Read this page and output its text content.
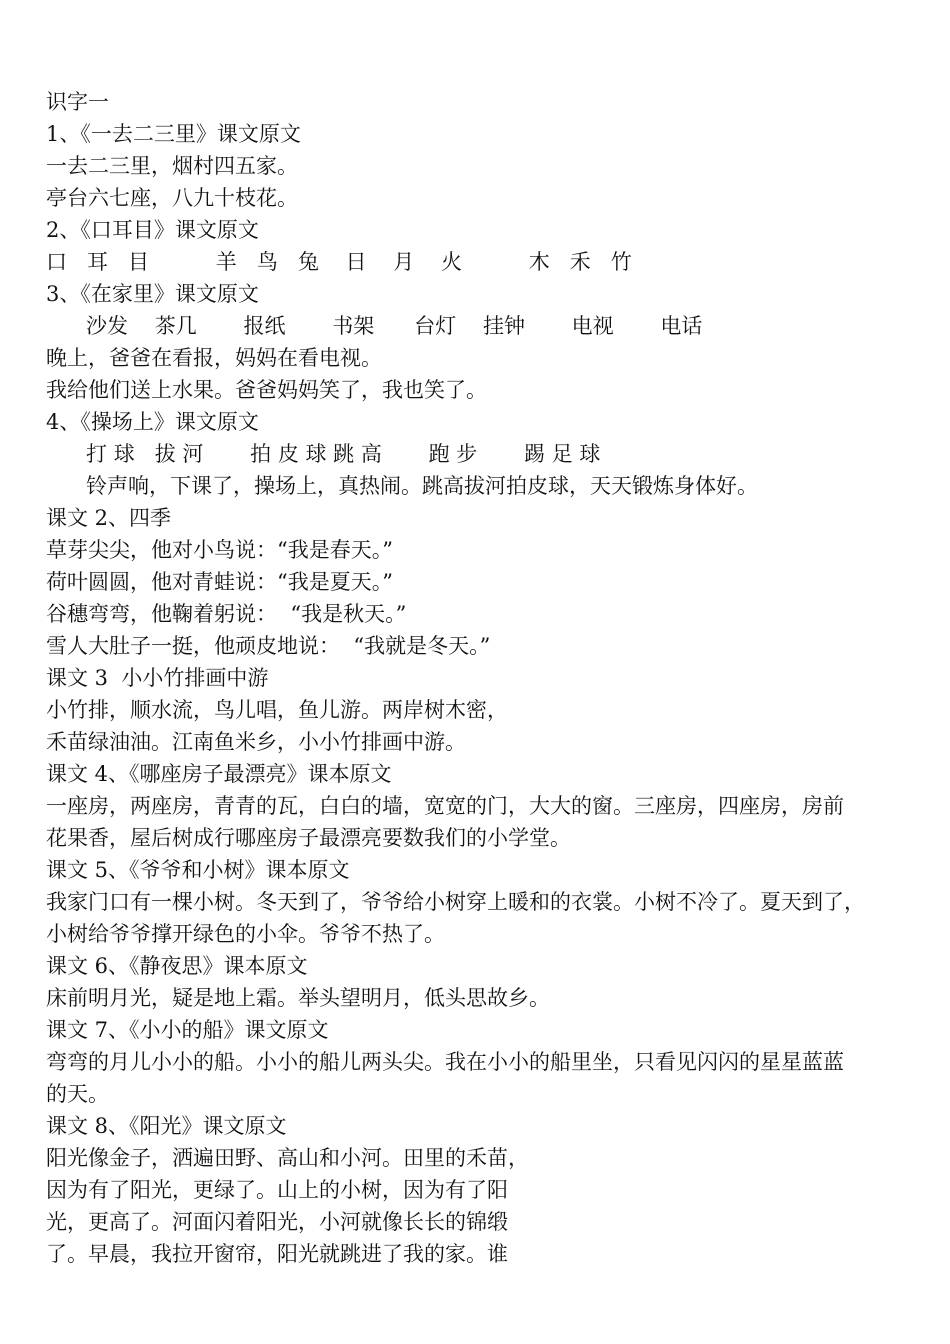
识字一
1、《一去二三里》课文原文
一去二三里，烟村四五家。
亭台六七座，八九十枝花。
2、《口耳目》课文原文
口   耳   目          羊   鸟   兔    日    月    火          木   禾   竹
3、《在家里》课文原文
沙发    茶几       报纸       书架      台灯    挂钟       电视       电话
晚上，爸爸在看报，妈妈在看电视。
我给他们送上水果。爸爸妈妈笑了，我也笑了。
4、《操场上》课文原文
打 球   拔 河       拍 皮 球 跳 高       跑 步       踢 足 球
铃声响，下课了，操场上，真热闹。跳高拔河拍皮球，天天锻炼身体好。
课文 2、四季
草芽尖尖，他对小鸟说：“我是春天。”
荷叶圆圆，他对青蛙说：“我是夏天。”
谷穗弯弯，他鞠着躬说：  “我是秋天。”
雪人大肚子一挺，他顽皮地说：  “我就是冬天。”
课文 3  小小竹排画中游
小竹排，顺水流，鸟儿唱，鱼儿游。两岸树木密，
禾苗绿油油。江南鱼米乡，小小竹排画中游。
课文 4、《哪座房子最漂亮》课本原文
一座房，两座房，青青的瓦，白白的墙，宽宽的门，大大的窗。三座房，四座房，房前
花果香，屋后树成行哪座房子最漂亮要数我们的小学堂。
课文 5、《爷爷和小树》课本原文
我家门口有一棵小树。冬天到了，爷爷给小树穿上暖和的衣裳。小树不冷了。夏天到了，
小树给爷爷撑开绿色的小伞。爷爷不热了。
课文 6、《静夜思》课本原文
床前明月光，疑是地上霜。举头望明月，低头思故乡。
课文 7、《小小的船》课文原文
弯弯的月儿小小的船。小小的船儿两头尖。我在小小的船里坐，只看见闪闪的星星蓝蓝
的天。
课文 8、《阳光》课文原文
阳光像金子，洒遍田野、高山和小河。田里的禾苗，
因为有了阳光，更绿了。山上的小树，因为有了阳
光，更高了。河面闪着阳光，小河就像长长的锦缎
了。早晨，我拉开窗帘，阳光就跳进了我的家。谁
